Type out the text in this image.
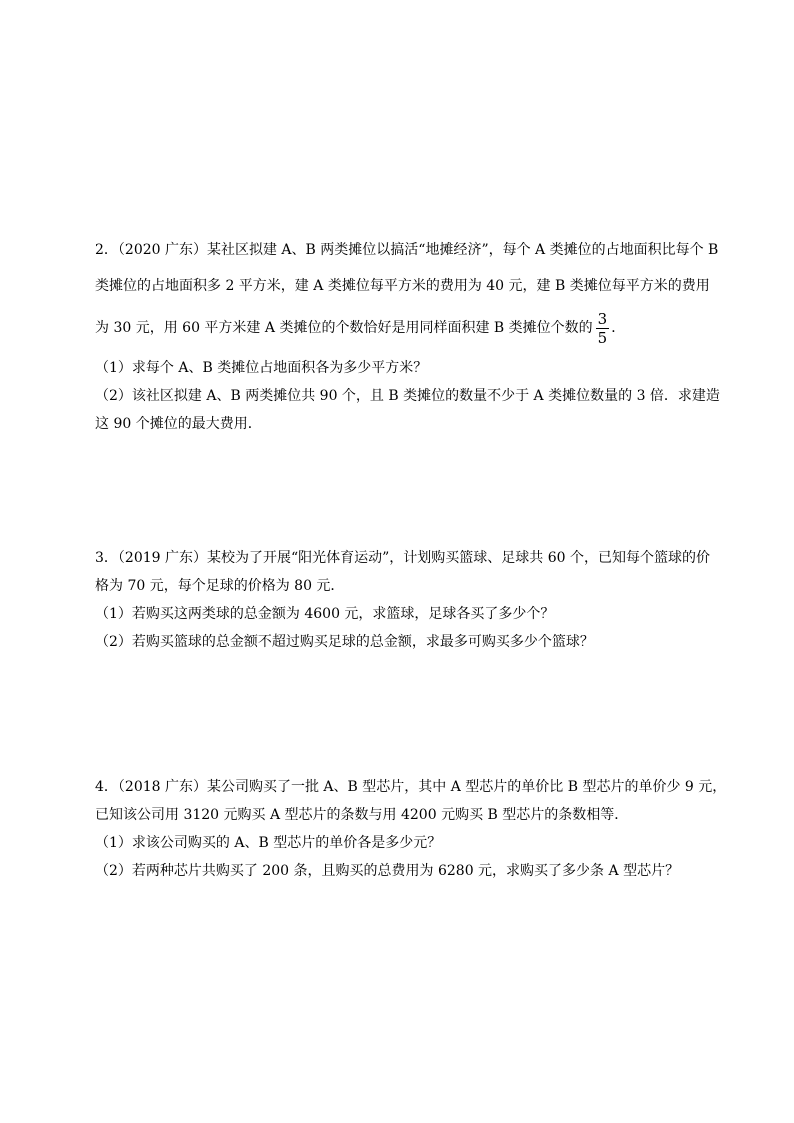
2．（2020 广东）某社区拟建 A、B 两类摊位以搞活“地摊经济”，每个 A 类摊位的占地面积比每个 B
类摊位的占地面积多 2 平方米，建 A 类摊位每平方米的费用为 40 元，建 B 类摊位每平方米的费用
为 30 元，用 60 平方米建 A 类摊位的个数恰好是用同样面积建 B 类摊位个数的 $\frac{3}{5}$ ．
（1）求每个 A、B 类摊位占地面积各为多少平方米？
（2）该社区拟建 A、B 两类摊位共 90 个，且 B 类摊位的数量不少于 A 类摊位数量的 3 倍．求建造
这 90 个摊位的最大费用．
3．（2019 广东）某校为了开展“阳光体育运动”，计划购买篮球、足球共 60 个，已知每个篮球的价
格为 70 元，每个足球的价格为 80 元．
（1）若购买这两类球的总金额为 4600 元，求篮球，足球各买了多少个？
（2）若购买篮球的总金额不超过购买足球的总金额，求最多可购买多少个篮球？
4．（2018 广东）某公司购买了一批 A、B 型芯片，其中 A 型芯片的单价比 B 型芯片的单价少 9 元，
已知该公司用 3120 元购买 A 型芯片的条数与用 4200 元购买 B 型芯片的条数相等．
（1）求该公司购买的 A、B 型芯片的单价各是多少元？
（2）若两种芯片共购买了 200 条，且购买的总费用为 6280 元，求购买了多少条 A 型芯片？
